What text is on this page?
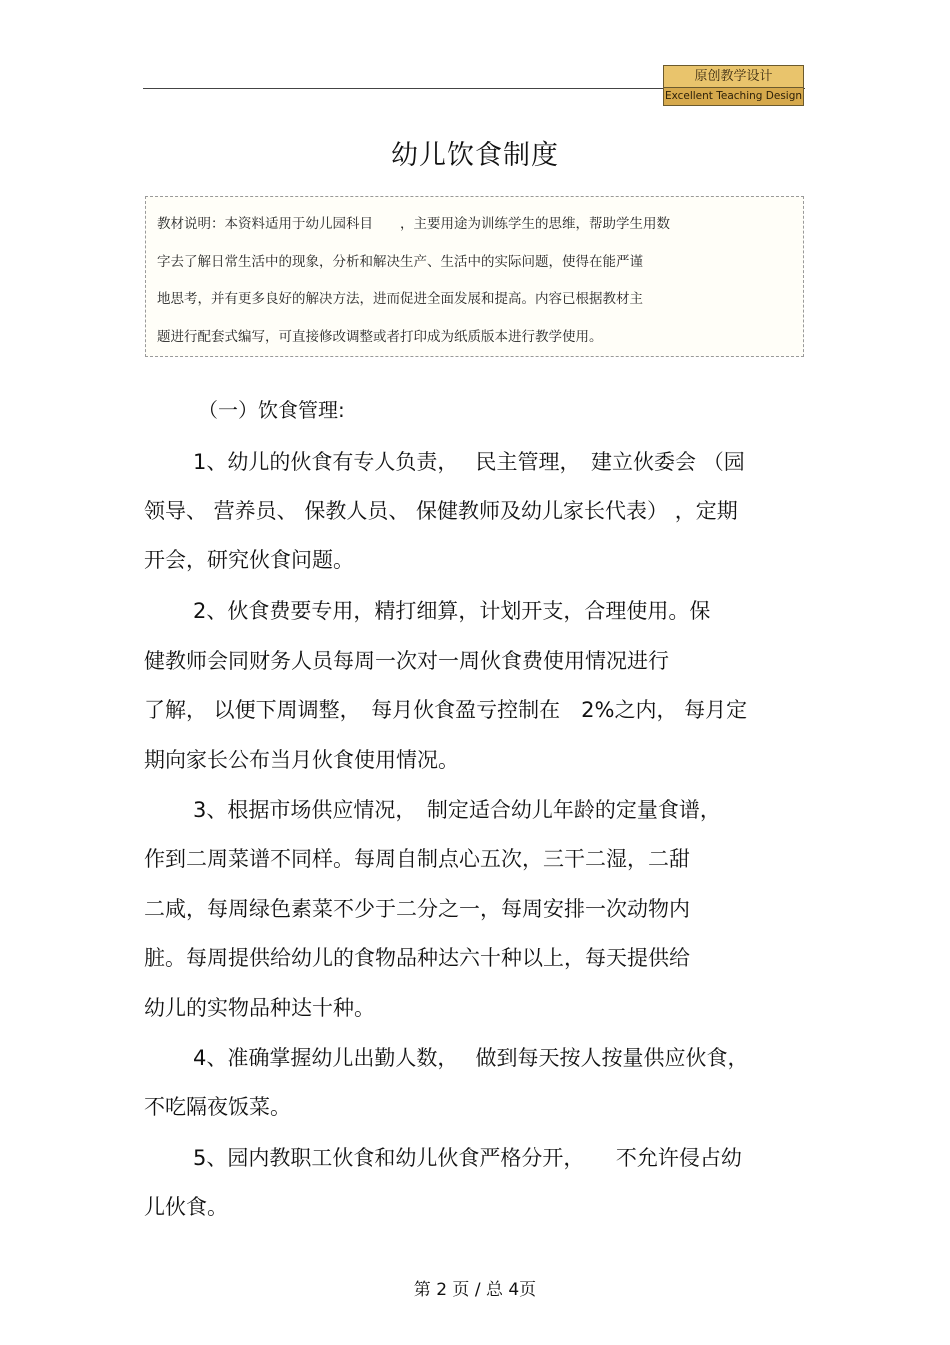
原创教学设计
Excellent Teaching Design
幼儿饮食制度
教材说明：本资料适用于幼儿园科目　　，主要用途为训练学生的思维，帮助学生用数
字去了解日常生活中的现象，分析和解决生产、生活中的实际问题，使得在能严谨
地思考，并有更多良好的解决方法，进而促进全面发展和提高。内容已根据教材主
题进行配套式编写，可直接修改调整或者打印成为纸质版本进行教学使用。
（一）饮食管理:
1、幼儿的伙食有专人负责，　 民主管理，　建立伙委会 （园
领导、 营养员、 保教人员、 保健教师及幼儿家长代表） ，定期
开会，研究伙食问题。
2、伙食费要专用，精打细算，计划开支，合理使用。保
健教师会同财务人员每周一次对一周伙食费使用情况进行
了解， 以便下周调整，　每月伙食盈亏控制在　2%之内， 每月定
期向家长公布当月伙食使用情况。
3、根据市场供应情况，　制定适合幼儿年龄的定量食谱，
作到二周菜谱不同样。每周自制点心五次，三干二湿，二甜
二咸，每周绿色素菜不少于二分之一，每周安排一次动物内
脏。每周提供给幼儿的食物品种达六十种以上，每天提供给
幼儿的实物品种达十种。
4、准确掌握幼儿出勤人数，　 做到每天按人按量供应伙食，
不吃隔夜饭菜。
5、园内教职工伙食和幼儿伙食严格分开，　　不允许侵占幼
儿伙食。
第 2 页 / 总 4页
